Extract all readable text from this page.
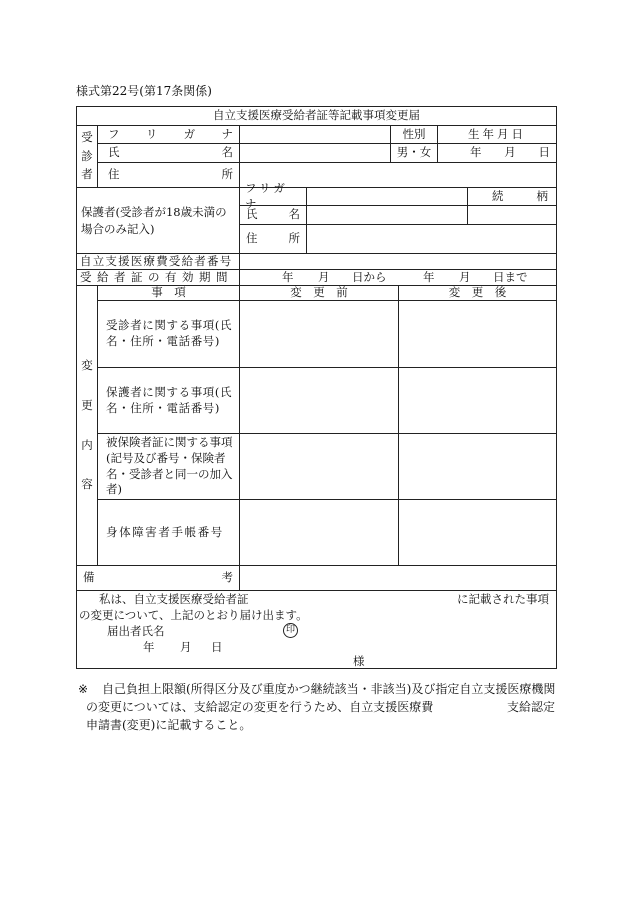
様式第22号(第17条関係)
自立支援医療受給者証等記載事項変更届
受
診
者
フ リ ガ ナ	性別	生年月日
氏	名	男・女	年 月 日
住	所
保護者(受診者が18歳未満の場合のみ記入)
フリガナ
続	柄
氏	名
住	所
自立支援医療費受給者番号
受給者証の有効期間	年 月 日から	年 月 日まで
変
更
内
容
事　項	変　更　前	変　更　後
受診者に関する事項(氏名・住所・電話番号)
保護者に関する事項(氏名・住所・電話番号)
被保険者証に関する事項(記号及び番号・保険者名・受診者と同一の加入者)
身体障害者手帳番号
備	考
私は、自立支援医療受給者証	に記載された事項
の変更について、上記のとおり届け出ます。
届出者氏名	印
年 月 日
様
※ 自己負担上限額(所得区分及び重度かつ継続該当・非該当)及び指定自立支援医療機関
の変更については、支給認定の変更を行うため、自立支援医療費	支給認定
申請書(変更)に記載すること。
